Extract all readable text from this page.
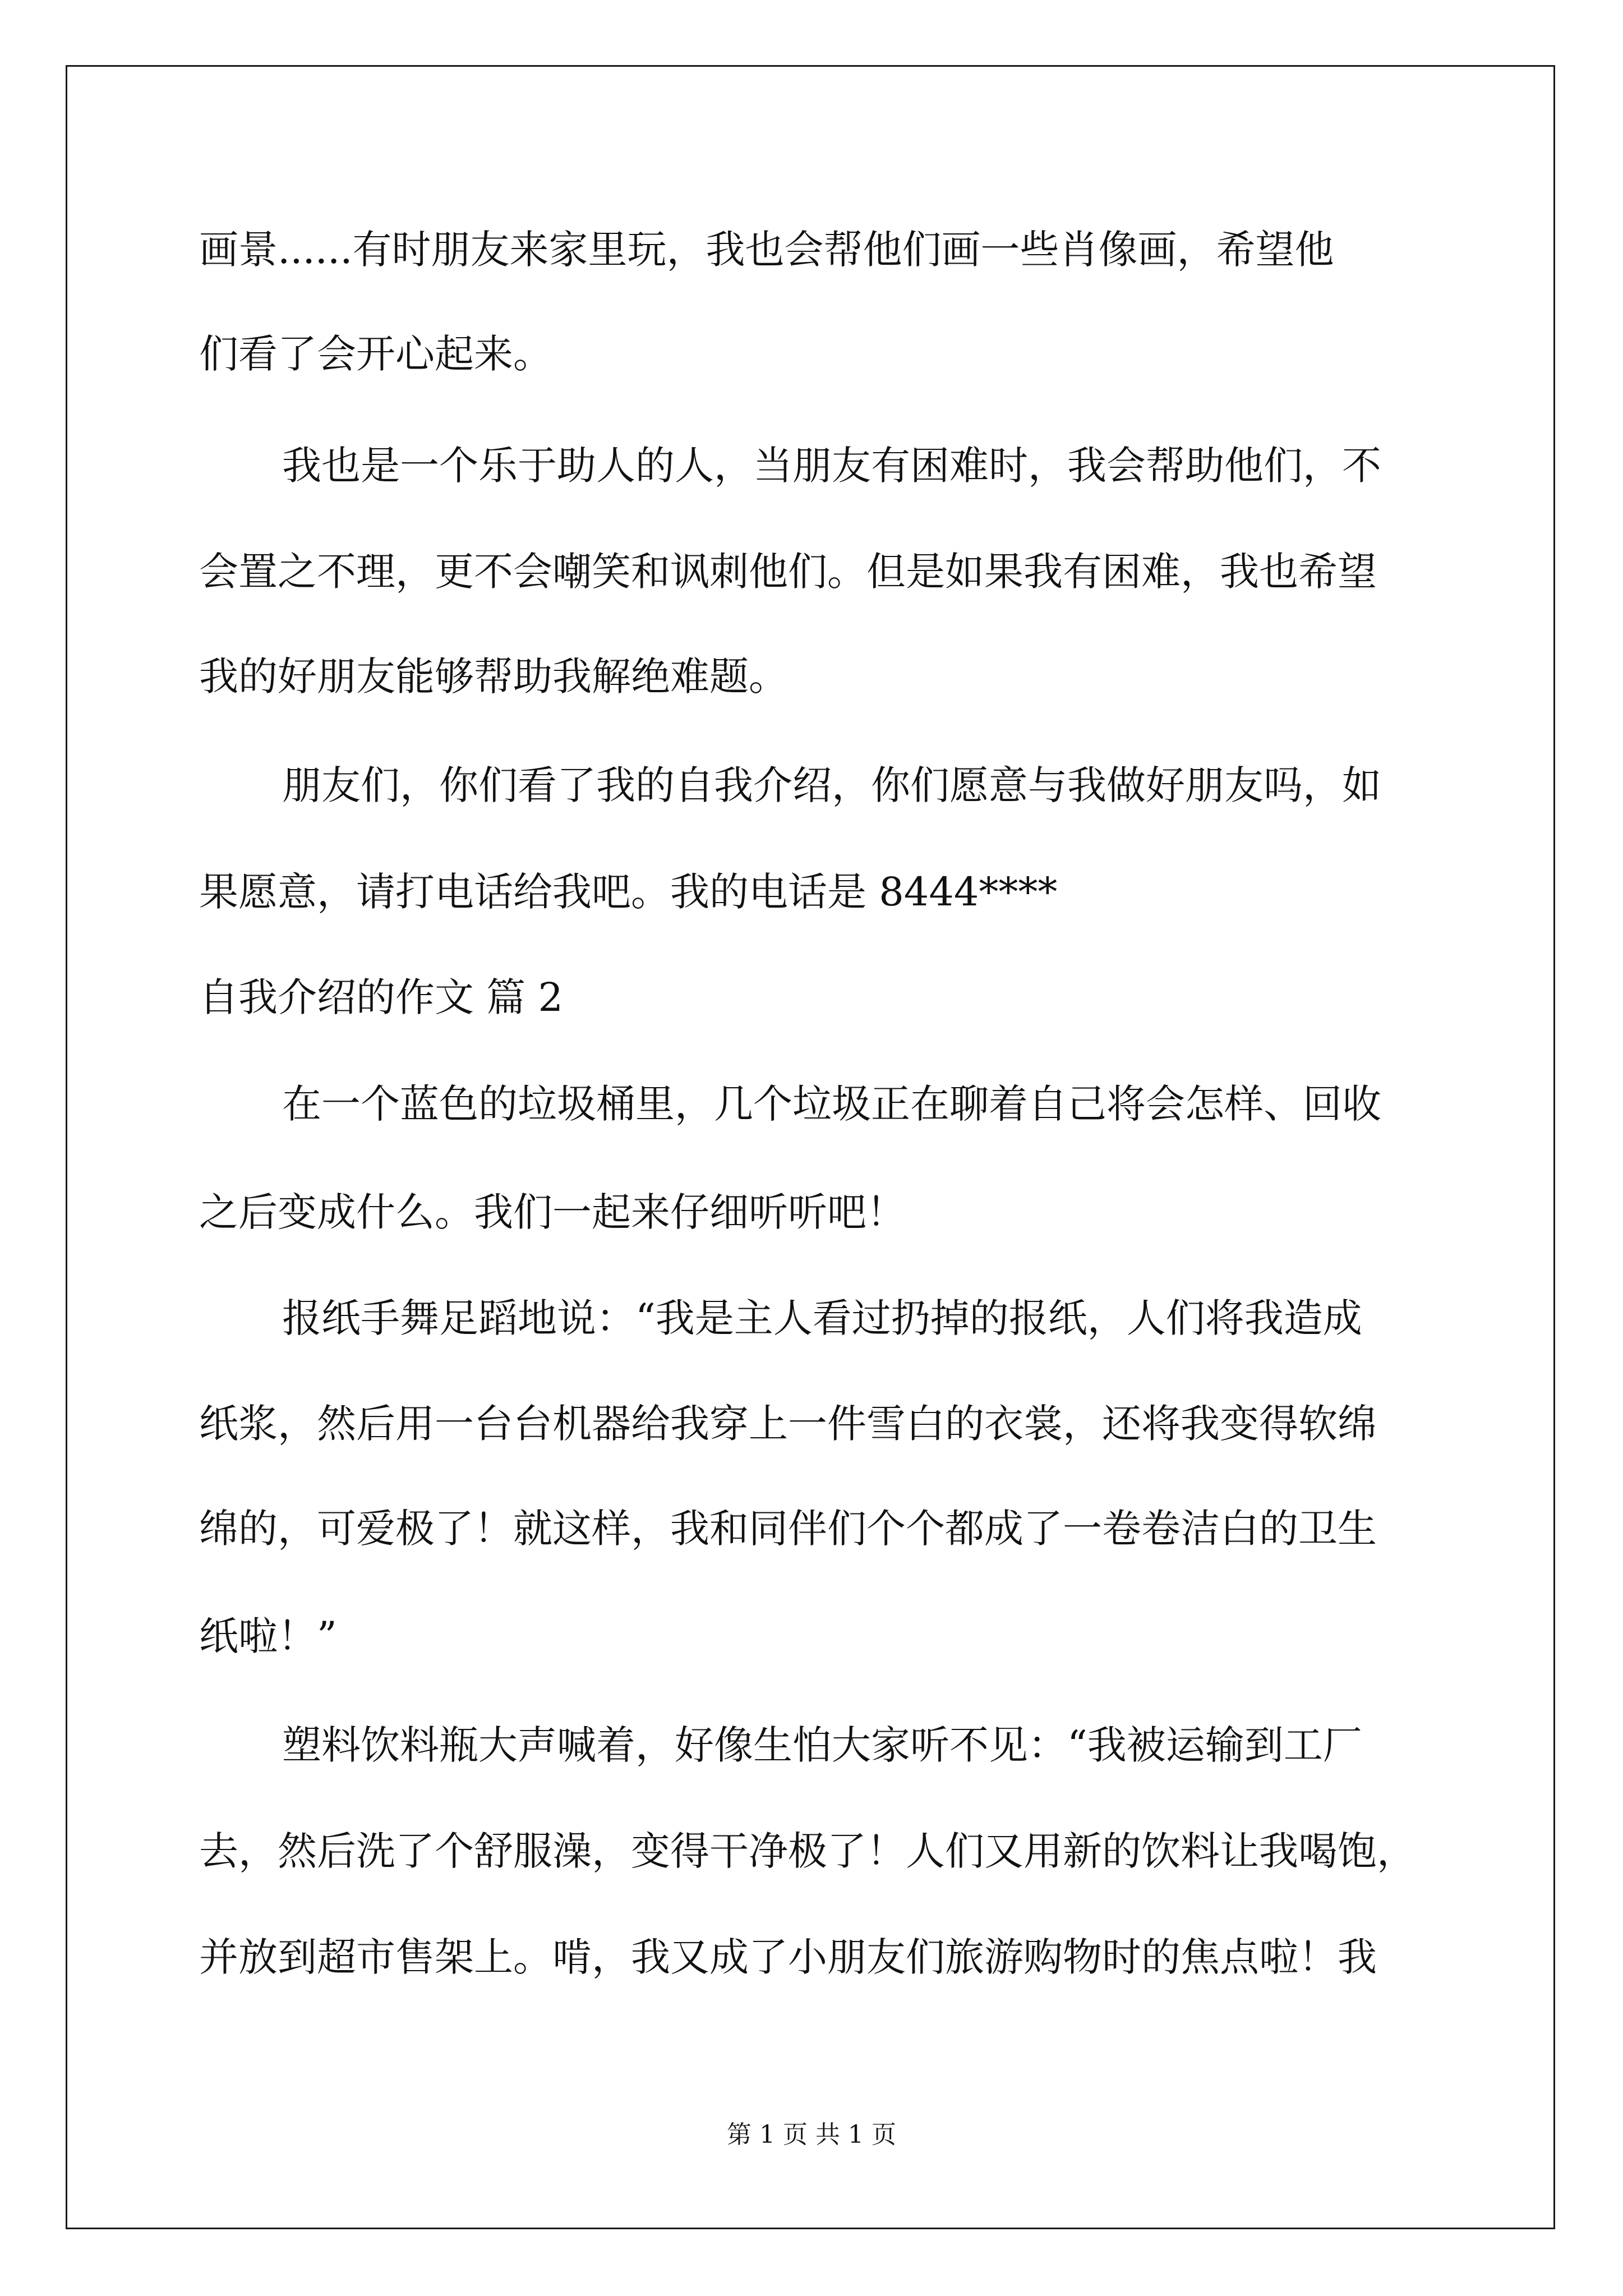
画景......有时朋友来家里玩，我也会帮他们画一些肖像画，希望他
们看了会开心起来。
我也是一个乐于助人的人，当朋友有困难时，我会帮助他们，不
会置之不理，更不会嘲笑和讽刺他们。但是如果我有困难，我也希望
我的好朋友能够帮助我解绝难题。
朋友们，你们看了我的自我介绍，你们愿意与我做好朋友吗，如
果愿意，请打电话给我吧。我的电话是 8444****
自我介绍的作文 篇 2
在一个蓝色的垃圾桶里，几个垃圾正在聊着自己将会怎样、回收
之后变成什么。我们一起来仔细听听吧！
报纸手舞足蹈地说：“我是主人看过扔掉的报纸，人们将我造成
纸浆，然后用一台台机器给我穿上一件雪白的衣裳，还将我变得软绵
绵的，可爱极了！就这样，我和同伴们个个都成了一卷卷洁白的卫生
纸啦！”
塑料饮料瓶大声喊着，好像生怕大家听不见：“我被运输到工厂
去，然后洗了个舒服澡，变得干净极了！人们又用新的饮料让我喝饱，
并放到超市售架上。啃，我又成了小朋友们旅游购物时的焦点啦！我
第 1 页 共 1 页
